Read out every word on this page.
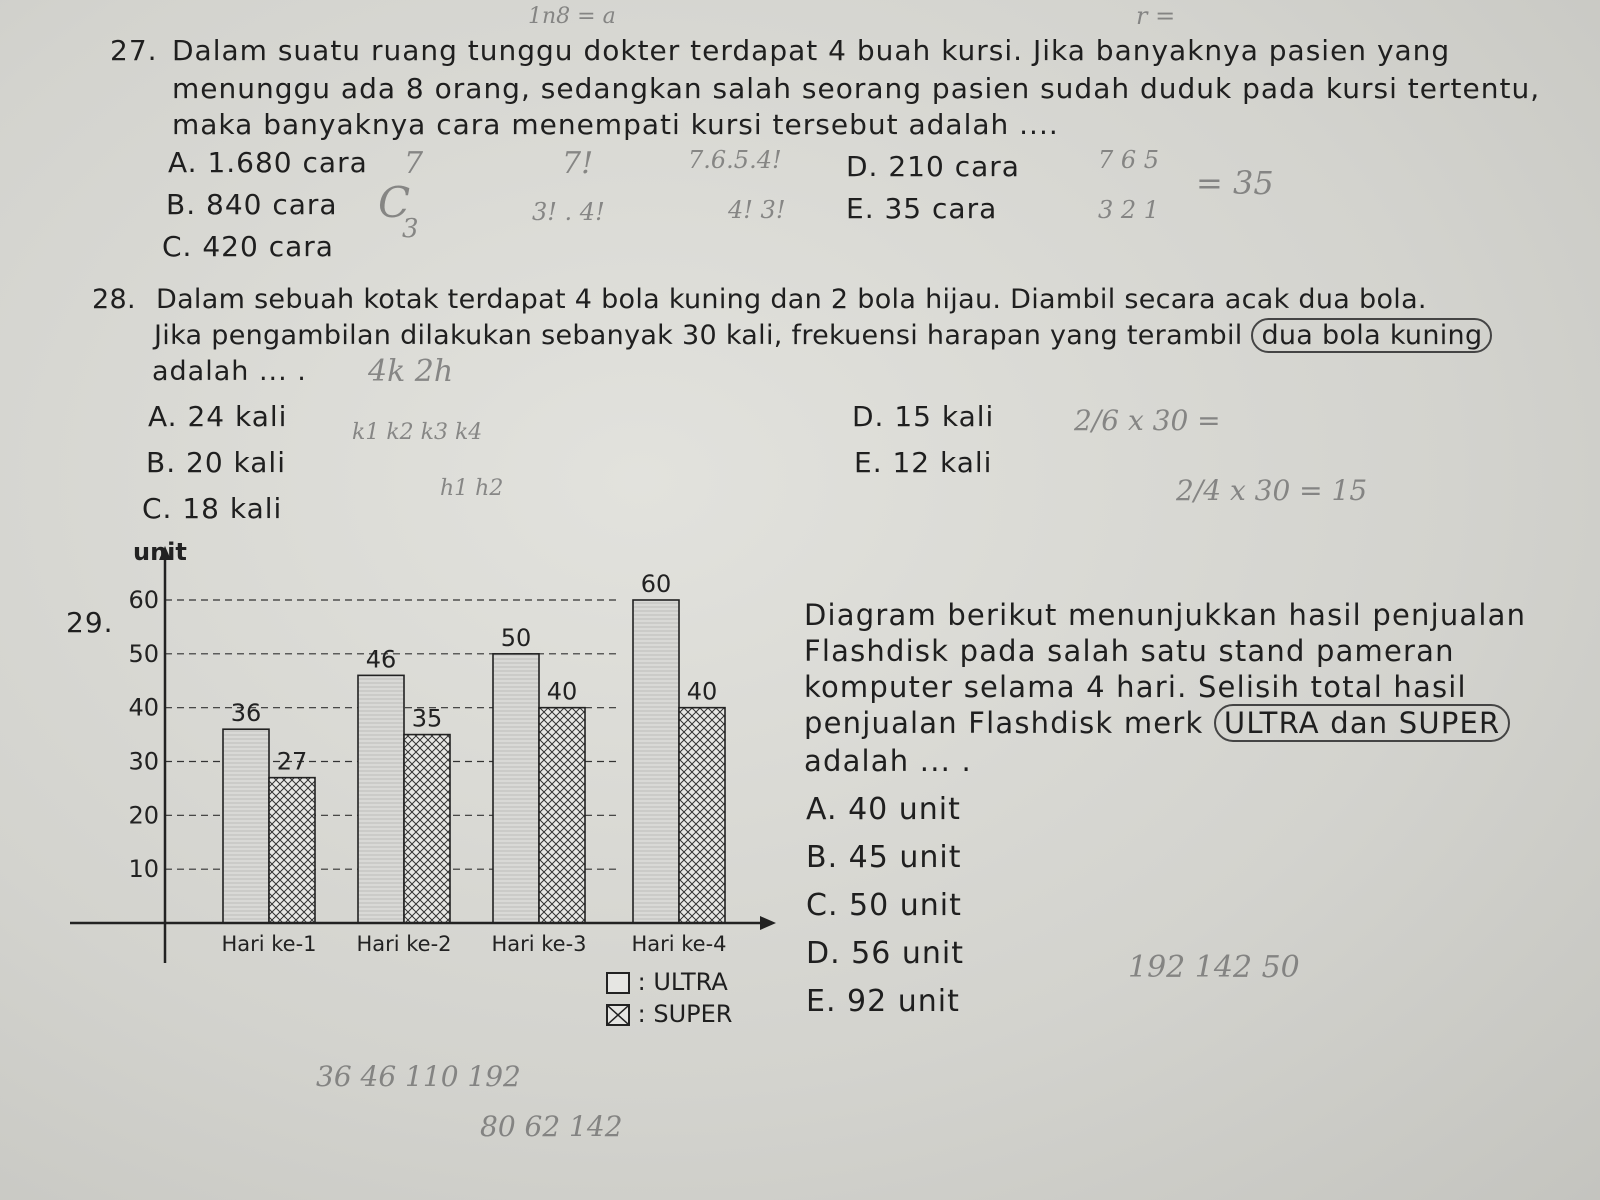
27. Dalam suatu ruang tunggu dokter terdapat 4 buah kursi. Jika banyaknya pasien yang
menunggu ada 8 orang, sedangkan salah seorang pasien sudah duduk pada kursi tertentu,
maka banyaknya cara menempati kursi tersebut adalah ....
A. 1.680 cara
B. 840 cara
C. 420 cara
D. 210 cara
E. 35 cara
28. Dalam sebuah kotak terdapat 4 bola kuning dan 2 bola hijau. Diambil secara acak dua bola.
Jika pengambilan dilakukan sebanyak 30 kali, frekuensi harapan yang terambil dua bola kuning
adalah ... .
A. 24 kali
B. 20 kali
C. 18 kali
D. 15 kali
E. 12 kali
29.	Diagram berikut menunjukkan hasil penjualan
Flashdisk pada salah satu stand pameran
komputer selama 4 hari. Selisih total hasil
penjualan Flashdisk merk ULTRA dan SUPER
adalah ... .
A. 40 unit
B. 45 unit
C. 50 unit
D. 56 unit
E. 92 unit
10
20
30
40
50
60
36
27
Hari ke-1
46
35
Hari ke-2
50
40
Hari ke-3
60
40
Hari ke-4
unit
: ULTRA
: SUPER
1n8 = a	r =
C
7
3
7!
3! . 4!
7.6.5.4!
4! 3!
7 6 5
3 2 1
= 35
4k 2h
k1 k2 k3 k4
h1 h2
2/6 x 30 =
2/4 x 30 = 15
36 46 110 192
80 62 142
192 142 50
